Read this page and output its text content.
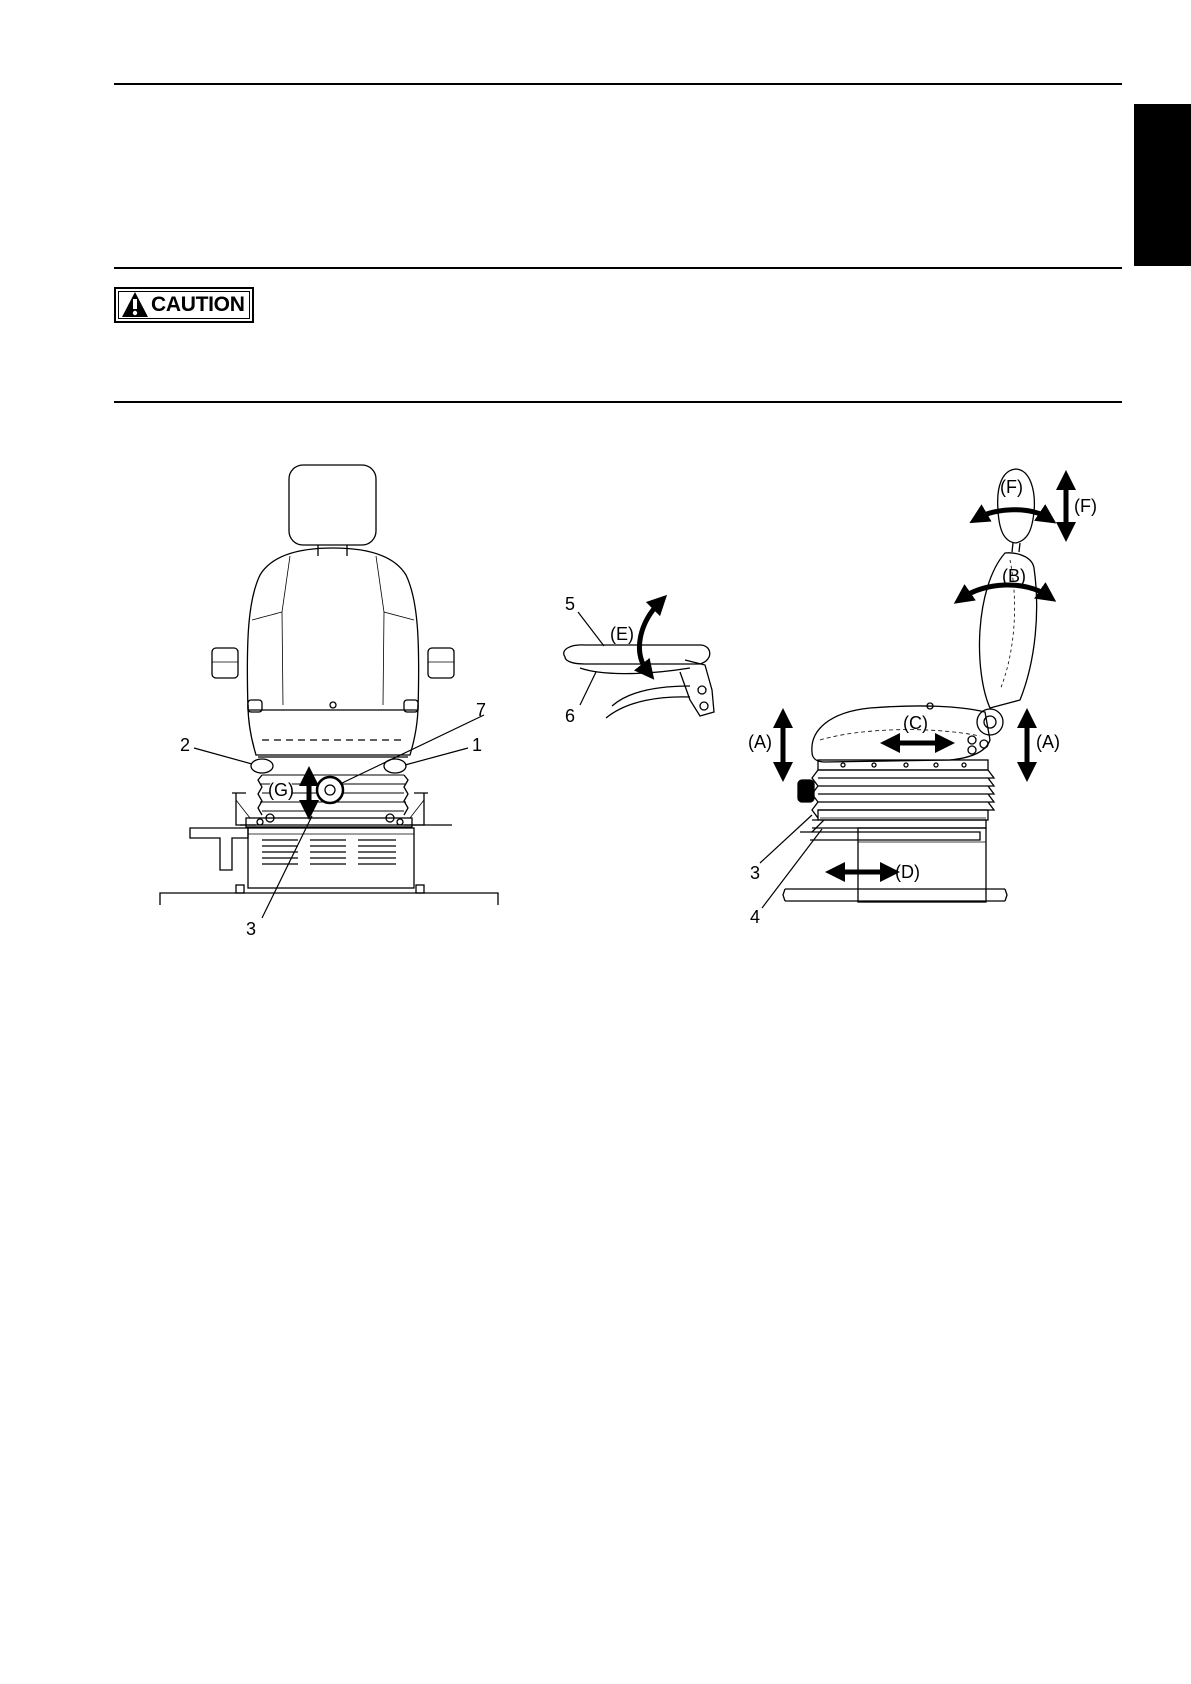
CAUTION
(G)
2	1
7
3
5
6
(E)
(A)	(A)
(B)
(C)
(D)
(F)
(F)
3
4
